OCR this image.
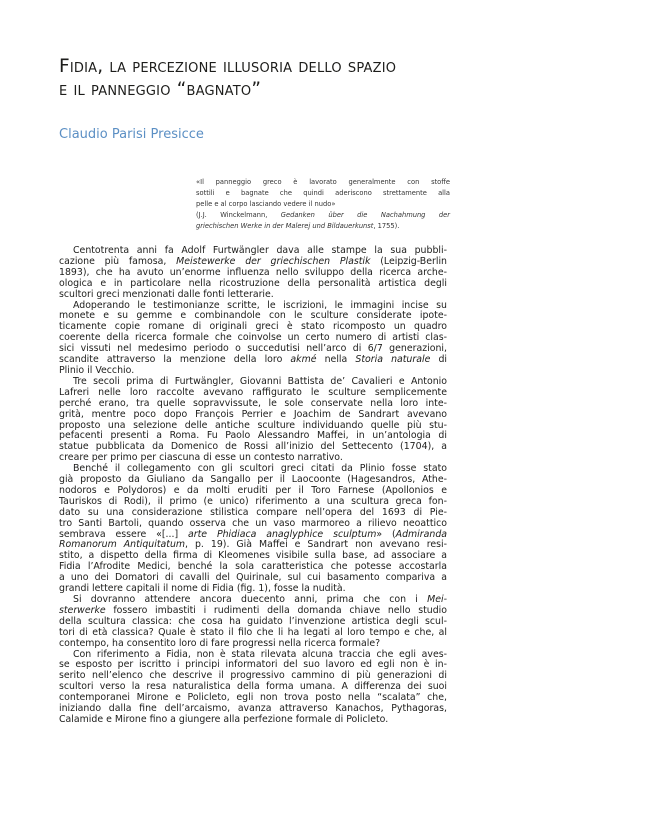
Fidia, la percezione illusoria dello spazio
e il panneggio “bagnato”
Claudio Parisi Presicce
«Il panneggio greco è lavorato generalmente con stoffe
sottili e bagnate che quindi aderiscono strettamente alla
pelle e al corpo lasciando vedere il nudo»
(J.J. Winckelmann, Gedanken über die Nachahmung der
griechischen Werke in der Malerej und Bildauerkunst, 1755).
Centotrenta anni fa Adolf Furtwängler dava alle stampe la sua pubbli-
cazione più famosa, Meistewerke der griechischen Plastik (Leipzig-Berlin
1893), che ha avuto un’enorme influenza nello sviluppo della ricerca arche-
ologica e in particolare nella ricostruzione della personalità artistica degli
scultori greci menzionati dalle fonti letterarie.
Adoperando le testimonianze scritte, le iscrizioni, le immagini incise su
monete e su gemme e combinandole con le sculture considerate ipote-
ticamente copie romane di originali greci è stato ricomposto un quadro
coerente della ricerca formale che coinvolse un certo numero di artisti clas-
sici vissuti nel medesimo periodo o succedutisi nell’arco di 6/7 generazioni,
scandite attraverso la menzione della loro akmé nella Storia naturale di
Plinio il Vecchio.
Tre secoli prima di Furtwängler, Giovanni Battista de’ Cavalieri e Antonio
Lafreri nelle loro raccolte avevano raffigurato le sculture semplicemente
perché erano, tra quelle sopravvissute, le sole conservate nella loro inte-
grità, mentre poco dopo François Perrier e Joachim de Sandrart avevano
proposto una selezione delle antiche sculture individuando quelle più stu-
pefacenti presenti a Roma. Fu Paolo Alessandro Maffei, in un’antologia di
statue pubblicata da Domenico de Rossi all’inizio del Settecento (1704), a
creare per primo per ciascuna di esse un contesto narrativo.
Benché il collegamento con gli scultori greci citati da Plinio fosse stato
già proposto da Giuliano da Sangallo per il Laocoonte (Hagesandros, Athe-
nodoros e Polydoros) e da molti eruditi per il Toro Farnese (Apollonios e
Tauriskos di Rodi), il primo (e unico) riferimento a una scultura greca fon-
dato su una considerazione stilistica compare nell’opera del 1693 di Pie-
tro Santi Bartoli, quando osserva che un vaso marmoreo a rilievo neoattico
sembrava essere «[...] arte Phidiaca anaglyphice sculptum» (Admiranda
Romanorum Antiquitatum, p. 19). Già Maffei e Sandrart non avevano resi-
stito, a dispetto della firma di Kleomenes visibile sulla base, ad associare a
Fidia l’Afrodite Medici, benché la sola caratteristica che potesse accostarla
a uno dei Domatori di cavalli del Quirinale, sul cui basamento compariva a
grandi lettere capitali il nome di Fidia (fig. 1), fosse la nudità.
Si dovranno attendere ancora duecento anni, prima che con i Mei-
sterwerke fossero imbastiti i rudimenti della domanda chiave nello studio
della scultura classica: che cosa ha guidato l’invenzione artistica degli scul-
tori di età classica? Quale è stato il filo che li ha legati al loro tempo e che, al
contempo, ha consentito loro di fare progressi nella ricerca formale?
Con riferimento a Fidia, non è stata rilevata alcuna traccia che egli aves-
se esposto per iscritto i principi informatori del suo lavoro ed egli non è in-
serito nell’elenco che descrive il progressivo cammino di più generazioni di
scultori verso la resa naturalistica della forma umana. A differenza dei suoi
contemporanei Mirone e Policleto, egli non trova posto nella “scalata” che,
iniziando dalla fine dell’arcaismo, avanza attraverso Kanachos, Pythagoras,
Calamide e Mirone fino a giungere alla perfezione formale di Policleto.
